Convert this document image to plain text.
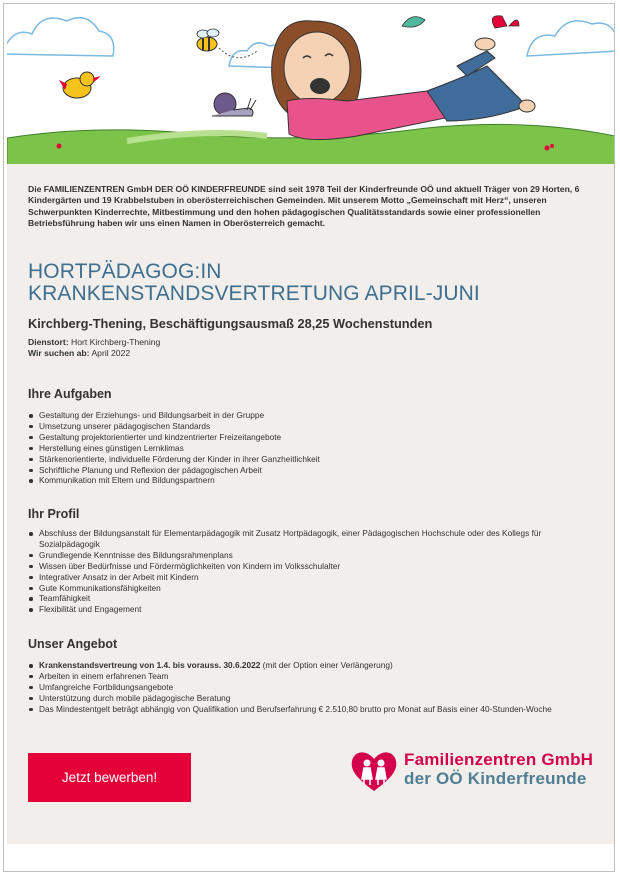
Die FAMILIENZENTREN GmbH DER OÖ KINDERFREUNDE sind seit 1978 Teil der Kinderfreunde OÖ und aktuell Träger von 29 Horten, 6 Kindergärten und 19 Krabbelstuben in oberösterreichischen Gemeinden. Mit unserem Motto „Gemeinschaft mit Herz“, unseren Schwerpunkten Kinderrechte, Mitbestimmung und den hohen pädagogischen Qualitätsstandards sowie einer professionellen Betriebsführung haben wir uns einen Namen in Oberösterreich gemacht.
HORTPÄDAGOG:IN
KRANKENSTANDSVERTRETUNG APRIL-JUNI
Kirchberg-Thening, Beschäftigungsausmaß 28,25 Wochenstunden
Dienstort: Hort Kirchberg-Thening
Wir suchen ab: April 2022
Ihre Aufgaben
Gestaltung der Erziehungs- und Bildungsarbeit in der Gruppe
Umsetzung unserer pädagogischen Standards
Gestaltung projektorientierter und kindzentrierter Freizeitangebote
Herstellung eines günstigen Lernklimas
Stärkenorientierte, individuelle Förderung der Kinder in ihrer Ganzheitlichkeit
Schriftliche Planung und Reflexion der pädagogischen Arbeit
Kommunikation mit Eltern und Bildungspartnern
Ihr Profil
Abschluss der Bildungsanstalt für Elementarpädagogik mit Zusatz Hortpädagogik, einer Pädagogischen Hochschule oder des Kollegs für Sozialpädagogik
Grundlegende Kenntnisse des Bildungsrahmenplans
Wissen über Bedürfnisse und Fördermöglichkeiten von Kindern im Volksschulalter
Integrativer Ansatz in der Arbeit mit Kindern
Gute Kommunikationsfähigkeiten
Teamfähigkeit
Flexibilität und Engagement
Unser Angebot
Krankenstandsvertreung von 1.4. bis vorauss. 30.6.2022 (mit der Option einer Verlängerung)
Arbeiten in einem erfahrenen Team
Umfangreiche Fortbildungsangebote
Unterstützung durch mobile pädagogische Beratung
Das Mindestentgelt beträgt abhängig von Qualifikation und Berufserfahrung € 2.510,80 brutto pro Monat auf Basis einer 40-Stunden-Woche
Jetzt bewerben!
Familienzentren GmbH
der OÖ Kinderfreunde
